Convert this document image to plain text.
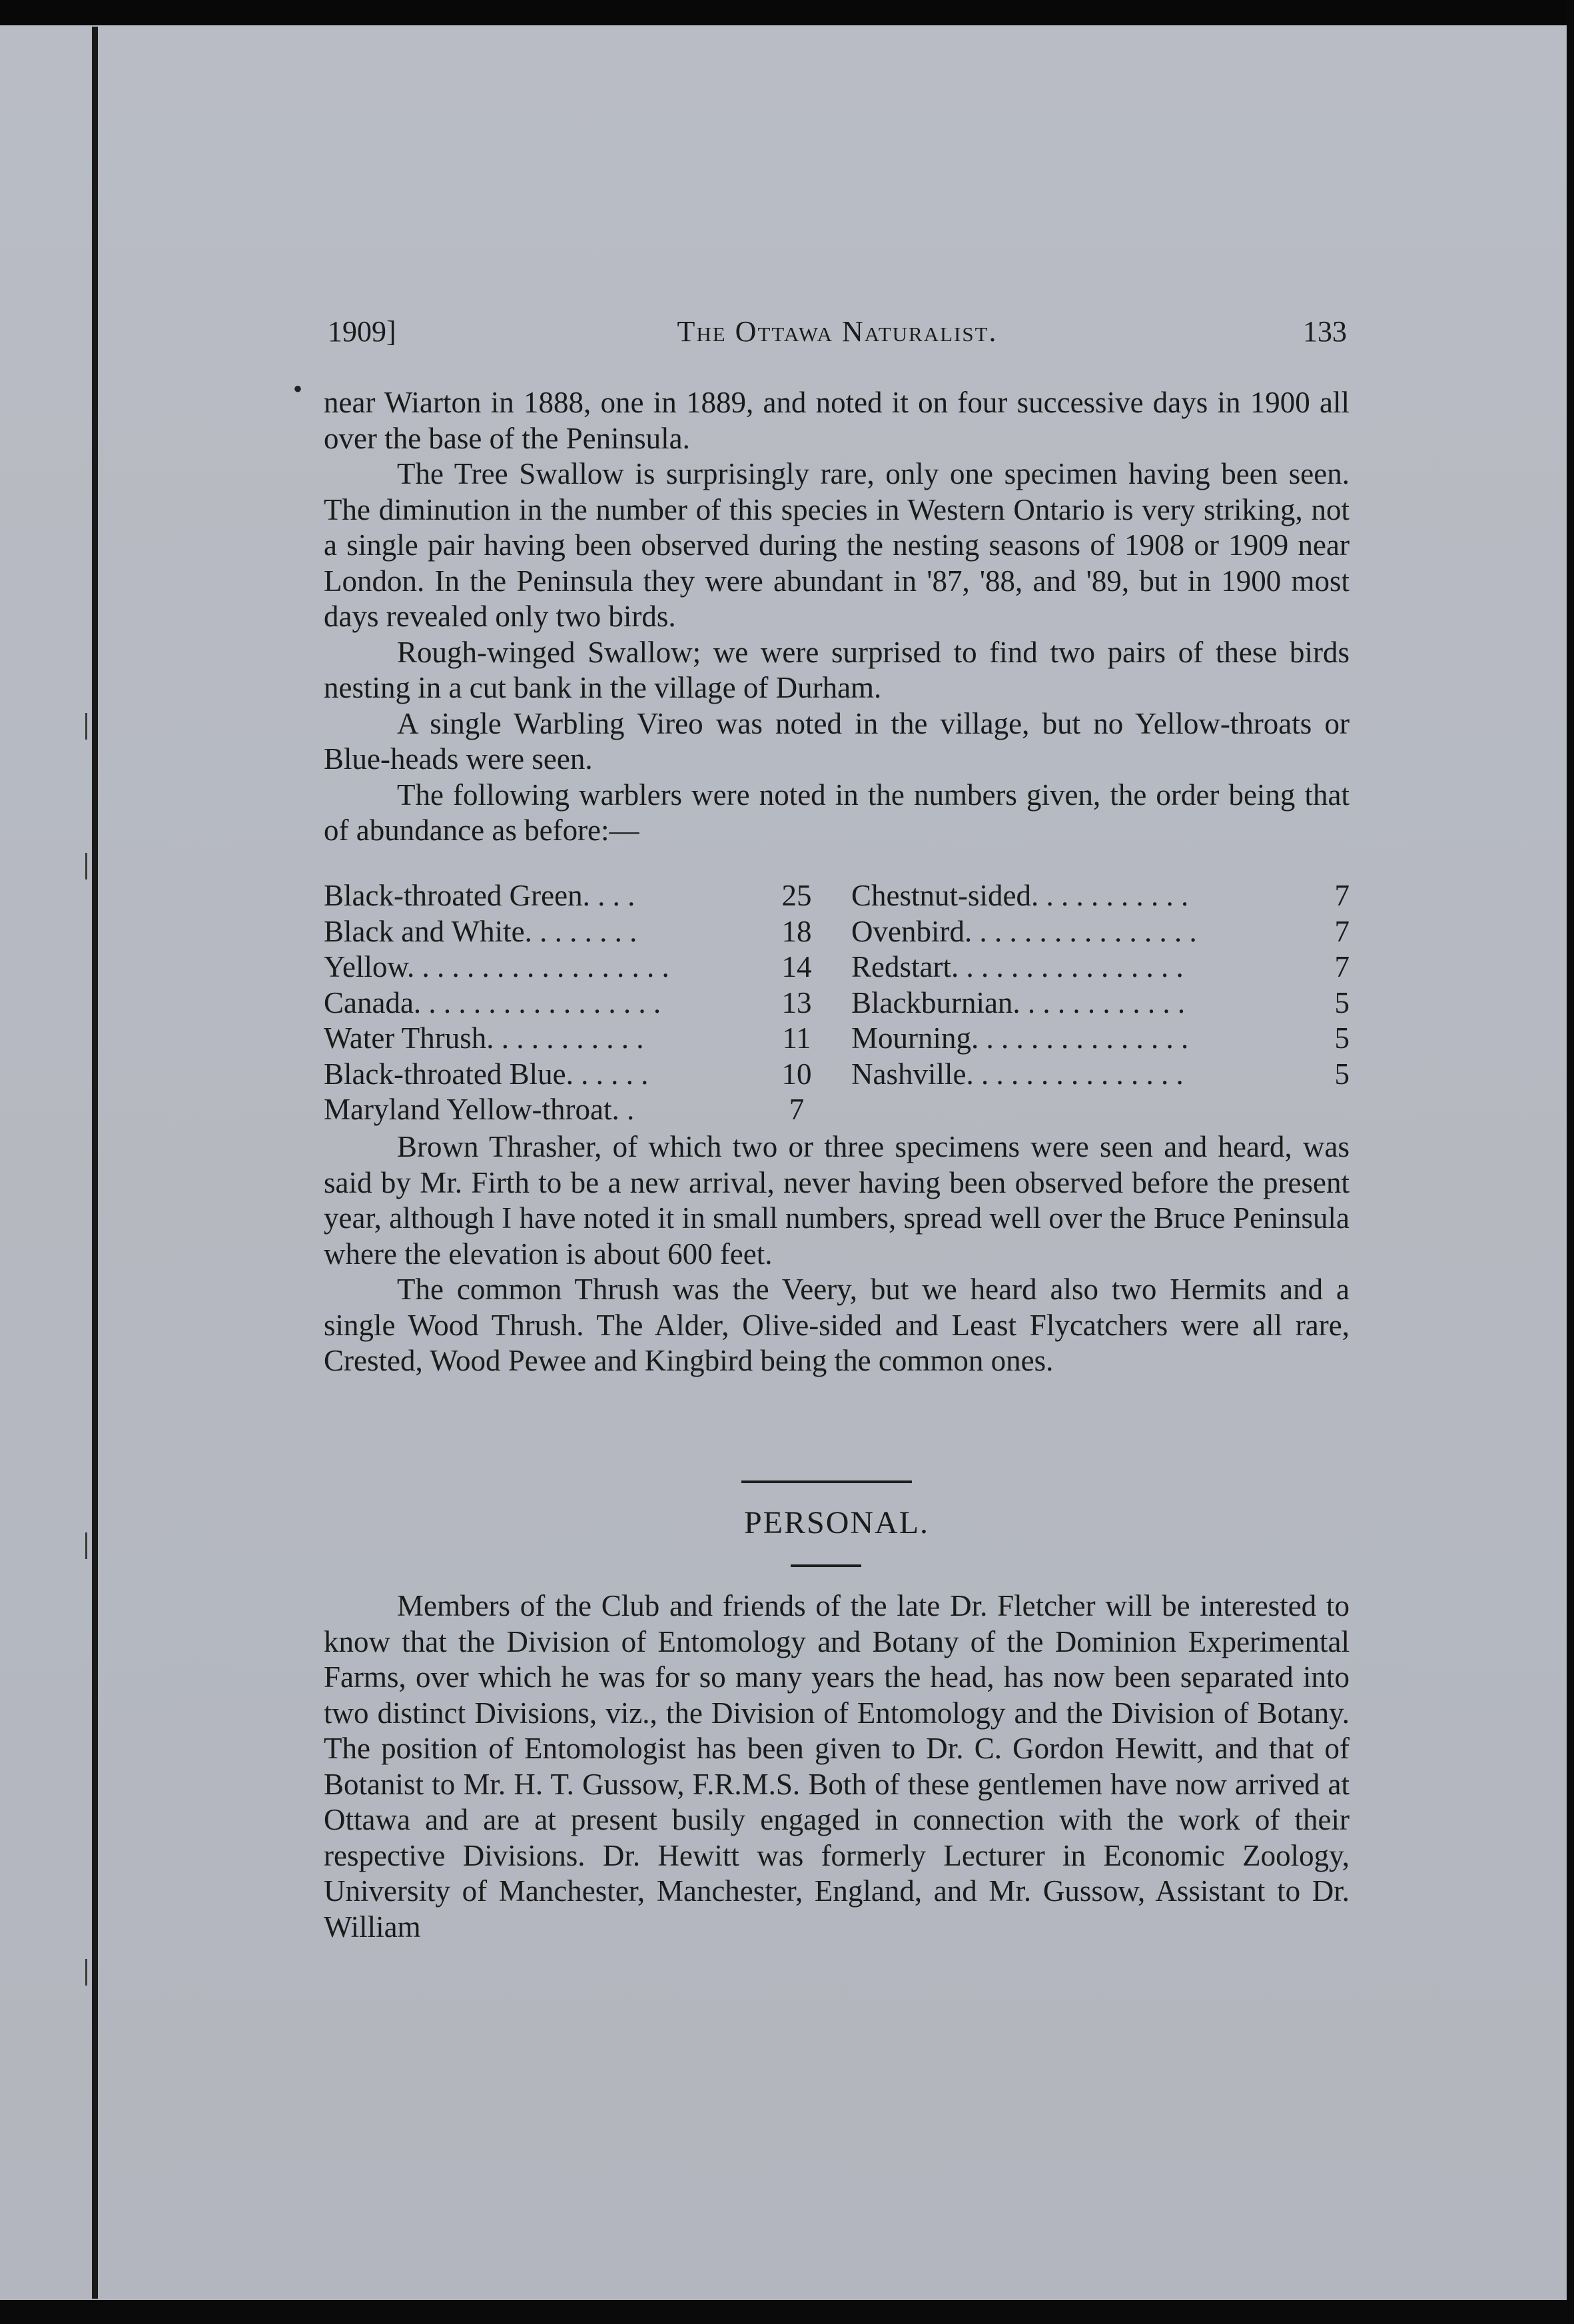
1909]	The Ottawa Naturalist.	133
• near Wiarton in 1888, one in 1889, and noted it on four successive days in 1900 all over the base of the Peninsula.

The Tree Swallow is surprisingly rare, only one specimen having been seen. The diminution in the number of this species in Western Ontario is very striking, not a single pair having been observed during the nesting seasons of 1908 or 1909 near London. In the Peninsula they were abundant in '87, '88, and '89, but in 1900 most days revealed only two birds.

Rough-winged Swallow; we were surprised to find two pairs of these birds nesting in a cut bank in the village of Durham.

A single Warbling Vireo was noted in the village, but no Yellow-throats or Blue-heads were seen.

The following warblers were noted in the numbers given, the order being that of abundance as before:—

Black-throated Green. . . .	25
Black and White. . . . . . . .	18
Yellow. . . . . . . . . . . . . . . . . .	14
Canada. . . . . . . . . . . . . . . . .	13
Water Thrush. . . . . . . . . . .	11
Black-throated Blue. . . . . .	10
Maryland Yellow-throat. .	7
Chestnut-sided. . . . . . . . . . .	7
Ovenbird. . . . . . . . . . . . . . . .	7
Redstart. . . . . . . . . . . . . . . .	7
Blackburnian. . . . . . . . . . . .	5
Mourning. . . . . . . . . . . . . . .	5
Nashville. . . . . . . . . . . . . . .	5

Brown Thrasher, of which two or three specimens were seen and heard, was said by Mr. Firth to be a new arrival, never having been observed before the present year, although I have noted it in small numbers, spread well over the Bruce Peninsula where the elevation is about 600 feet.

The common Thrush was the Veery, but we heard also two Hermits and a single Wood Thrush. The Alder, Olive-sided and Least Flycatchers were all rare, Crested, Wood Pewee and Kingbird being the common ones.

PERSONAL.

Members of the Club and friends of the late Dr. Fletcher will be interested to know that the Division of Entomology and Botany of the Dominion Experimental Farms, over which he was for so many years the head, has now been separated into two distinct Divisions, viz., the Division of Entomology and the Division of Botany. The position of Entomologist has been given to Dr. C. Gordon Hewitt, and that of Botanist to Mr. H. T. Gussow, F.R.M.S. Both of these gentlemen have now arrived at Ottawa and are at present busily engaged in connection with the work of their respective Divisions. Dr. Hewitt was formerly Lecturer in Economic Zoology, University of Manchester, Manchester, England, and Mr. Gussow, Assistant to Dr. William
